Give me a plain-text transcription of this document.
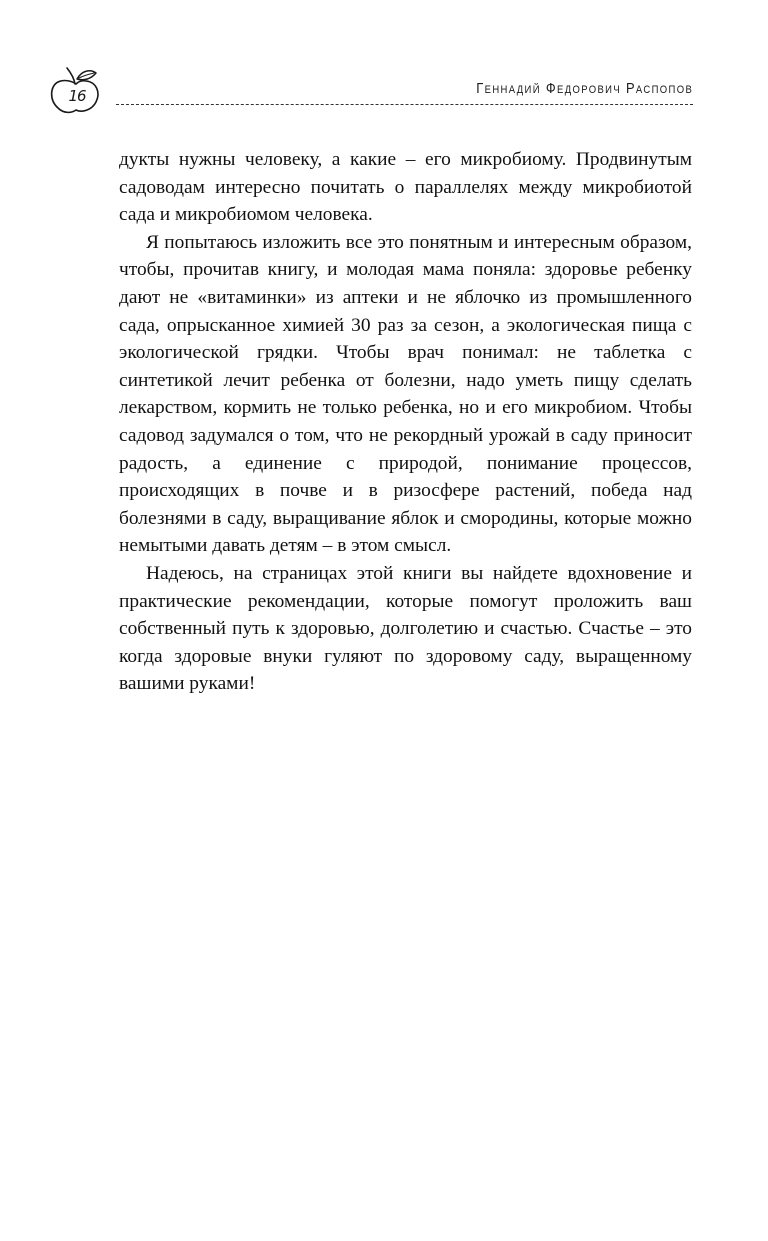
16	Геннадий Федорович Распопов

дукты нужны человеку, а какие – его микробиому. Продвинутым садоводам интересно почитать о параллелях между микробиотой сада и микробиомом человека.

Я попытаюсь изложить все это понятным и интересным образом, чтобы, прочитав книгу, и молодая мама поняла: здоровье ребенку дают не «витаминки» из аптеки и не яблочко из промышленного сада, опрысканное химией 30 раз за сезон, а экологическая пища с экологической грядки. Чтобы врач понимал: не таблетка с синтетикой лечит ребенка от болезни, надо уметь пищу сделать лекарством, кормить не только ребенка, но и его микробиом. Чтобы садовод задумался о том, что не рекордный урожай в саду приносит радость, а единение с природой, понимание процессов, происходящих в почве и в ризосфере растений, победа над болезнями в саду, выращивание яблок и смородины, которые можно немытыми давать детям – в этом смысл.

Надеюсь, на страницах этой книги вы найдете вдохновение и практические рекомендации, которые помогут проложить ваш собственный путь к здоровью, долголетию и счастью. Счастье – это когда здоровые внуки гуляют по здоровому саду, выращенному вашими руками!
